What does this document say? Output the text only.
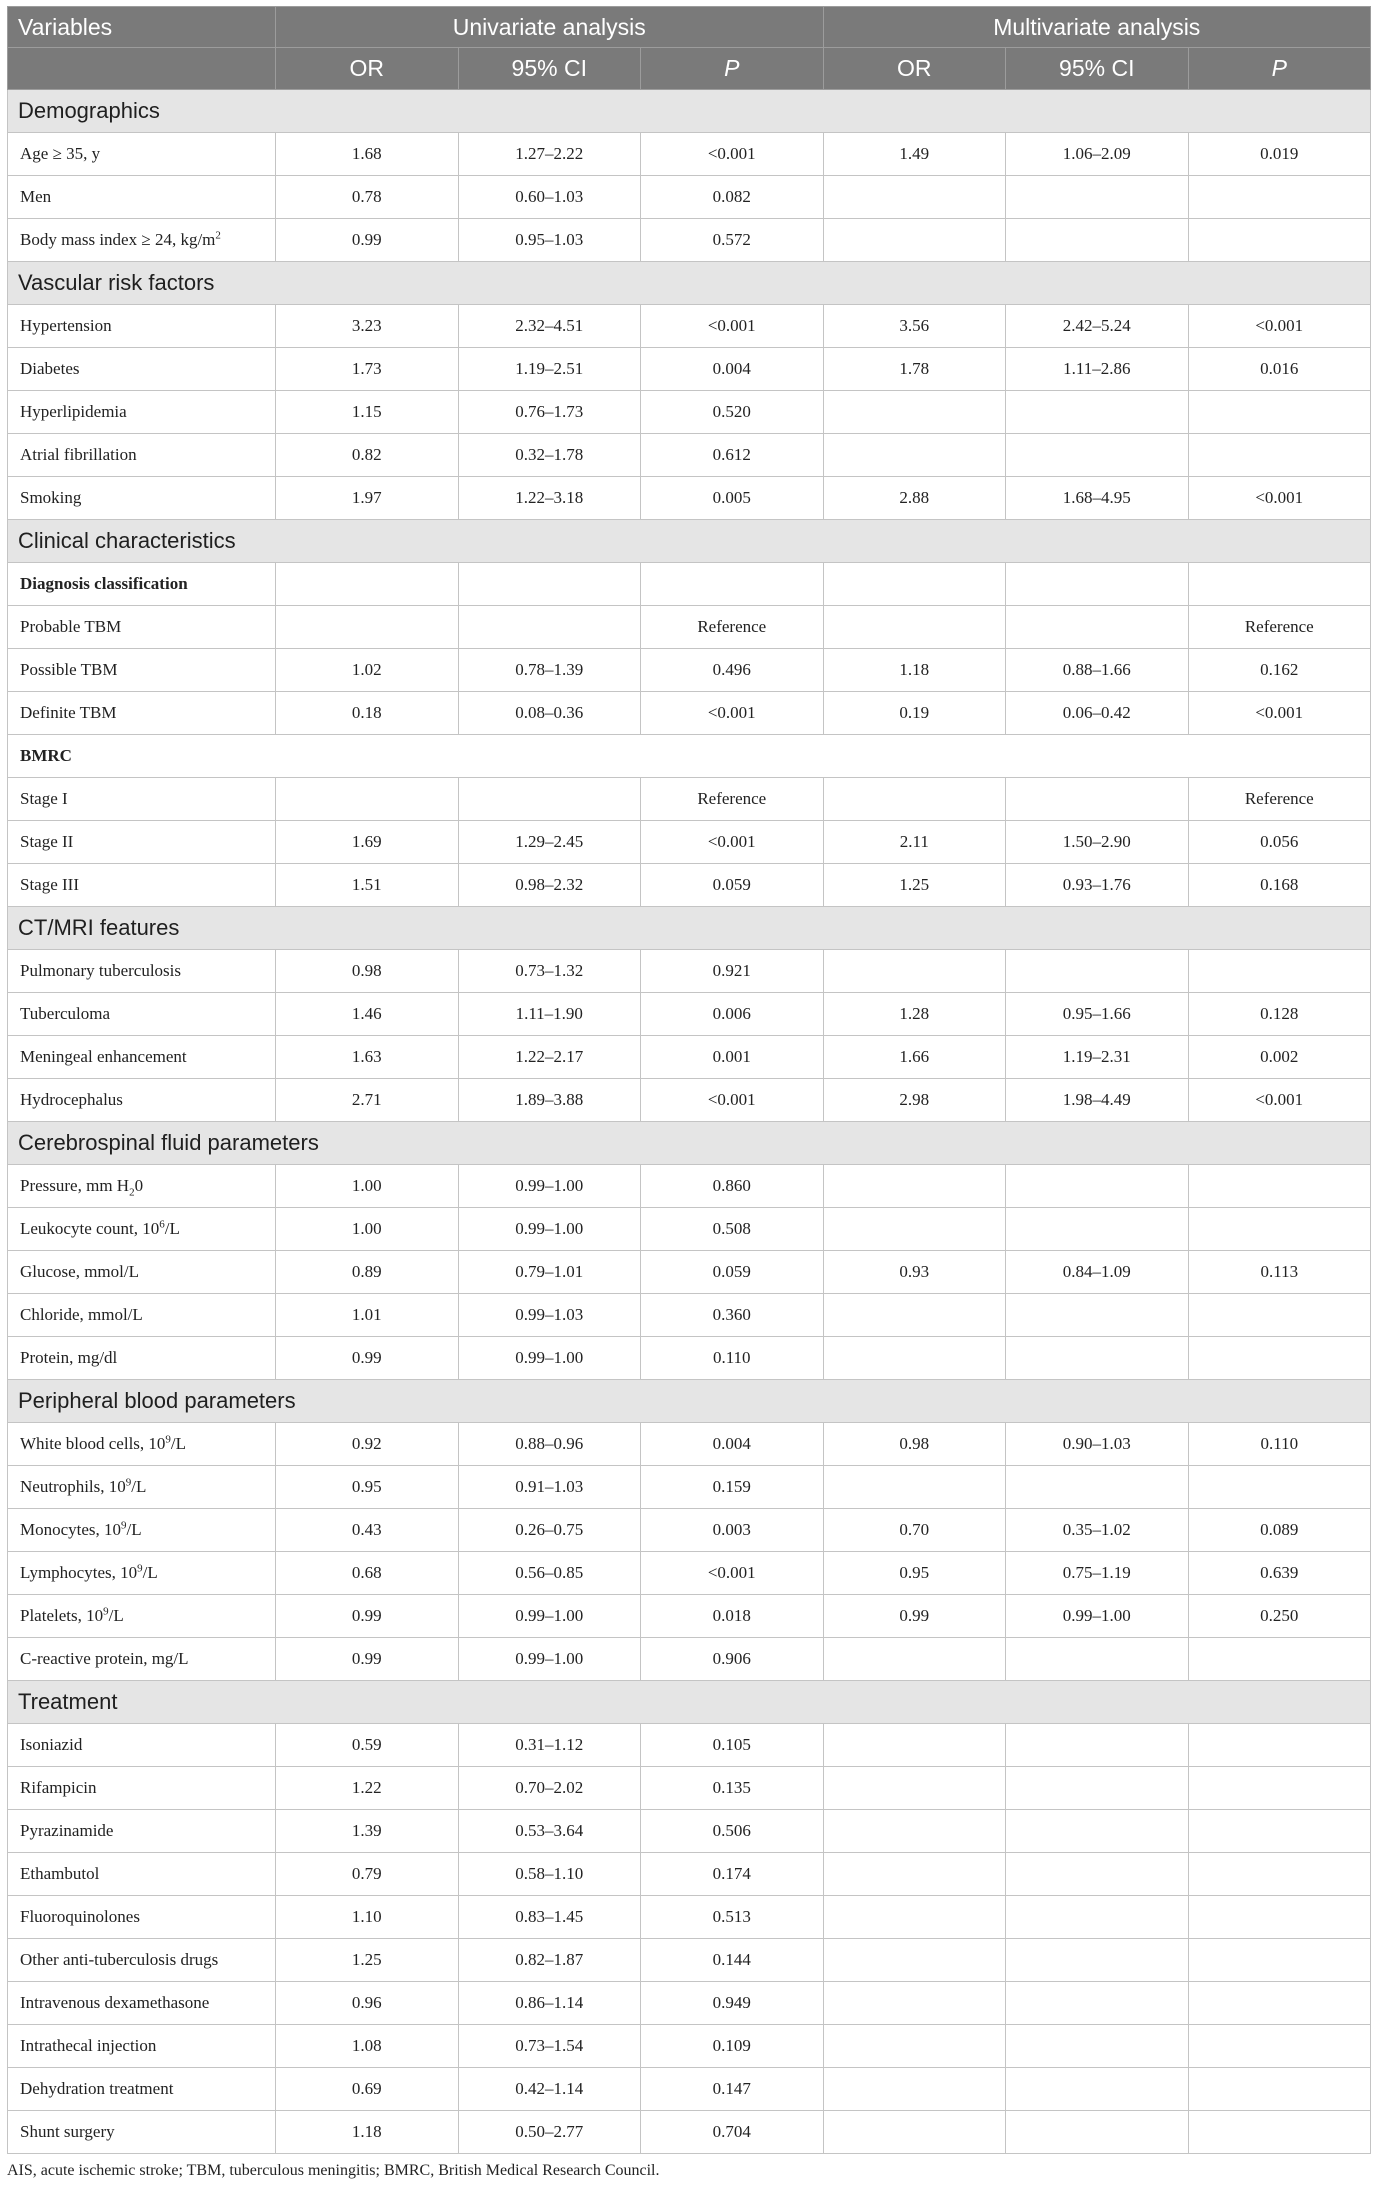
Variables	Univariate analysis			Multivariate analysis		
	OR	95% CI	P	OR	95% CI	P
Demographics						
Age ≥ 35, y	1.68	1.27–2.22	<0.001	1.49	1.06–2.09	0.019
Men	0.78	0.60–1.03	0.082			
Body mass index ≥ 24, $kg/m^2$	0.99	0.95–1.03	0.572			
Vascular risk factors						
Hypertension	3.23	2.32–4.51	<0.001	3.56	2.42–5.24	<0.001
Diabetes	1.73	1.19–2.51	0.004	1.78	1.11–2.86	0.016
Hyperlipidemia	1.15	0.76–1.73	0.520			
Atrial fibrillation	0.82	0.32–1.78	0.612			
Smoking	1.97	1.22–3.18	0.005	2.88	1.68–4.95	<0.001
Clinical characteristics						
Diagnosis classification						
Probable TBM			Reference			Reference
Possible TBM	1.02	0.78–1.39	0.496	1.18	0.88–1.66	0.162
Definite TBM	0.18	0.08–0.36	<0.001	0.19	0.06–0.42	<0.001
BMRC						
Stage I			Reference			Reference
Stage II	1.69	1.29–2.45	<0.001	2.11	1.50–2.90	0.056
Stage III	1.51	0.98–2.32	0.059	1.25	0.93–1.76	0.168
CT/MRI features						
Pulmonary tuberculosis	0.98	0.73–1.32	0.921			
Tuberculoma	1.46	1.11–1.90	0.006	1.28	0.95–1.66	0.128
Meningeal enhancement	1.63	1.22–2.17	0.001	1.66	1.19–2.31	0.002
Hydrocephalus	2.71	1.89–3.88	<0.001	2.98	1.98–4.49	<0.001
Cerebrospinal fluid parameters						
Pressure, mm $H_20$	1.00	0.99–1.00	0.860			
Leukocyte count, $10^6/L$	1.00	0.99–1.00	0.508			
Glucose, mmol/L	0.89	0.79–1.01	0.059	0.93	0.84–1.09	0.113
Chloride, mmol/L	1.01	0.99–1.03	0.360			
Protein, mg/dl	0.99	0.99–1.00	0.110			
Peripheral blood parameters						
White blood cells, $10^9/L$	0.92	0.88–0.96	0.004	0.98	0.90–1.03	0.110
Neutrophils, $10^9/L$	0.95	0.91–1.03	0.159			
Monocytes, $10^9/L$	0.43	0.26–0.75	0.003	0.70	0.35–1.02	0.089
Lymphocytes, $10^9/L$	0.68	0.56–0.85	<0.001	0.95	0.75–1.19	0.639
Platelets, $10^9/L$	0.99	0.99–1.00	0.018	0.99	0.99–1.00	0.250
C-reactive protein, mg/L	0.99	0.99–1.00	0.906			
Treatment						
Isoniazid	0.59	0.31–1.12	0.105			
Rifampicin	1.22	0.70–2.02	0.135			
Pyrazinamide	1.39	0.53–3.64	0.506			
Ethambutol	0.79	0.58–1.10	0.174			
Fluoroquinolones	1.10	0.83–1.45	0.513			
Other anti-tuberculosis drugs	1.25	0.82–1.87	0.144			
Intravenous dexamethasone	0.96	0.86–1.14	0.949			
Intrathecal injection	1.08	0.73–1.54	0.109			
Dehydration treatment	0.69	0.42–1.14	0.147			
Shunt surgery	1.18	0.50–2.77	0.704			
AIS, acute ischemic stroke; TBM, tuberculous meningitis; BMRC, British Medical Research Council.
